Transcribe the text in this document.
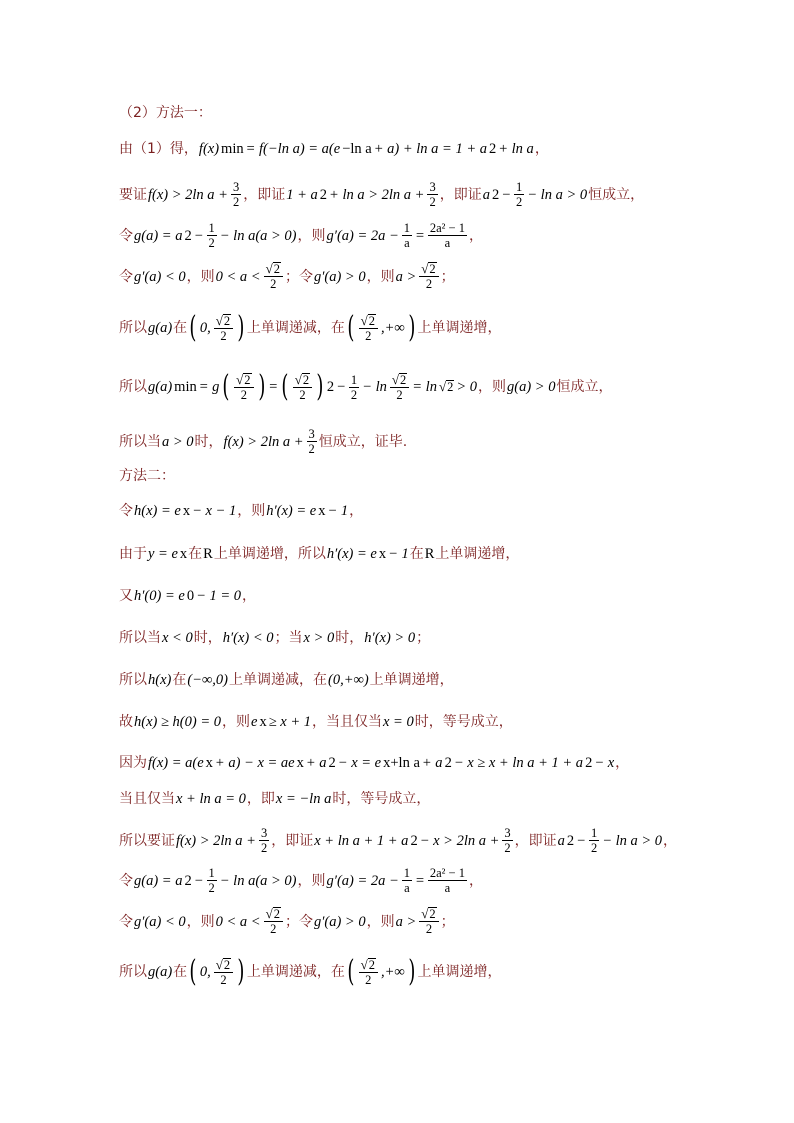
（2）方法一：
由（1）得， f(x) min = f(−ln a) = a(e −ln a + a) + ln a = 1 + a 2 + ln a ，
要证 f(x) > 2ln $a + \frac{3}{2}$ ，即证 1 + a 2 + ln a > 2ln $a + \frac{3}{2}$ ，即证 a $2 - \frac{1}{2} - \ln a > 0$ 恒成立，
令 g(a) = a $2 - \frac{1}{2} - \ln a(a > 0)$ ，则 $g'(a) = 2a - \frac{1}{a} = \frac{\text{2a² − 1}}{a}$ ，
令 g′(a) < 0 ，则 $0 < a < \frac{√ 2}{2}$ ；令 g′(a) > 0 ，则 $a > \frac{√ 2}{2}$ ；
所以 g(a) 在 ( 0, $\frac{√ 2}{2}$ ) 上单调递减，在 ( $\frac{√ 2}{2}$ ,+∞ ) 上单调递增，
所以 g(a) min = g ( $\frac{√ 2}{2}$ ) = ( $\frac{√ 2}{2}$ ) $2 - \frac{1}{2} - \ln \frac{√ 2}{2} = \ln$ √ 2 > 0 ，则 g(a) > 0 恒成立，
所以当 a > 0 时， f(x) > 2ln $a + \frac{3}{2}$ 恒成立，证毕.
方法二：
令 h(x) = e x − x − 1 ，则 h′(x) = e x − 1 ，
由于 y = e x 在 R 上单调递增，所以 h′(x) = e x − 1 在 R 上单调递增，
又 h′(0) = e 0 − 1 = 0 ，
所以当 x < 0 时， h′(x) < 0 ；当 x > 0 时， h′(x) > 0 ；
所以 h(x) 在 (−∞,0) 上单调递减，在 (0,+∞) 上单调递增，
故 h(x) ≥ h(0) = 0 ，则 e x ≥ x + 1 ，当且仅当 x = 0 时，等号成立，
因为 f(x) = a(e x + a) − x = ae x + a 2 − x = e x+ln a + a 2 − x ≥ x + ln a + 1 + a 2 − x ，
当且仅当 x + ln a = 0 ，即 x = −ln a 时，等号成立，
所以要证 f(x) > 2ln $a + \frac{3}{2}$ ，即证 x + ln a + 1 + a 2 − x > 2ln $a + \frac{3}{2}$ ，即证 a $2 - \frac{1}{2} - \ln a > 0$ ，
令 g(a) = a $2 - \frac{1}{2} - \ln a(a > 0)$ ，则 $g'(a) = 2a - \frac{1}{a} = \frac{\text{2a² − 1}}{a}$ ，
令 g′(a) < 0 ，则 $0 < a < \frac{√ 2}{2}$ ；令 g′(a) > 0 ，则 $a > \frac{√ 2}{2}$ ；
所以 g(a) 在 ( 0, $\frac{√ 2}{2}$ ) 上单调递减，在 ( $\frac{√ 2}{2}$ ,+∞ ) 上单调递增，
